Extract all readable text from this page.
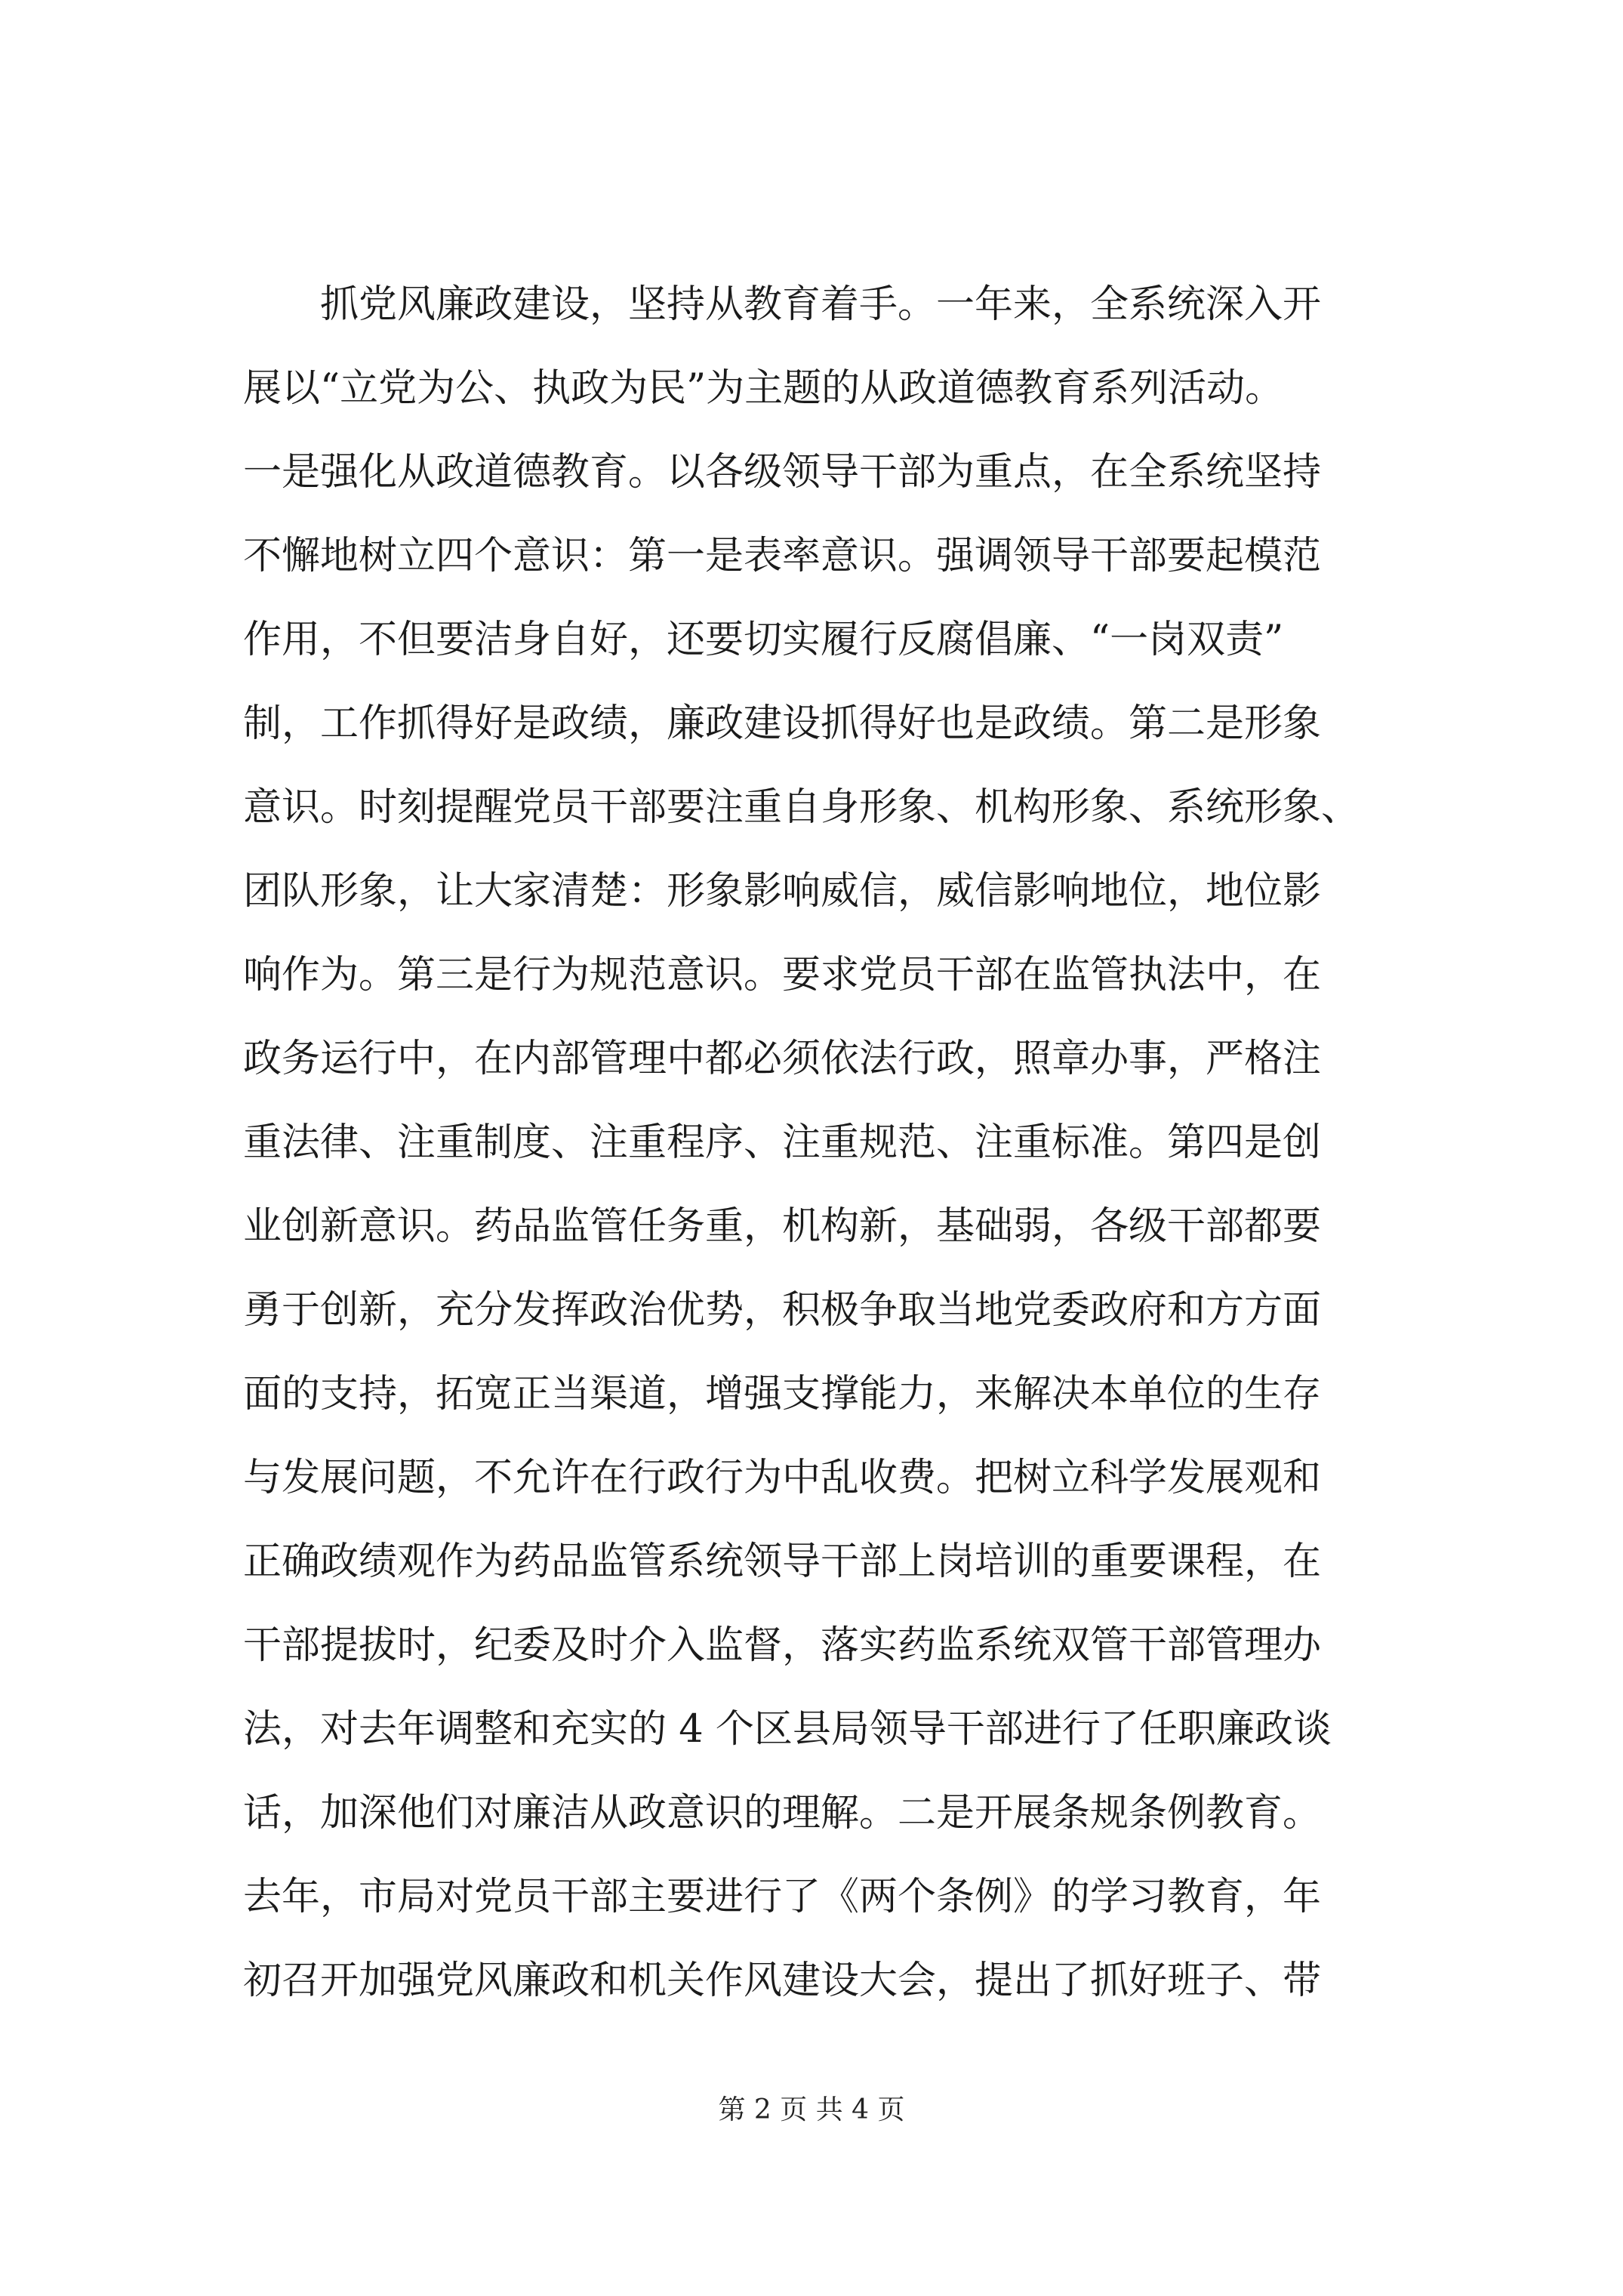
抓党风廉政建设，坚持从教育着手。一年来，全系统深入开
展以“立党为公、执政为民”为主题的从政道德教育系列活动。
一是强化从政道德教育。以各级领导干部为重点，在全系统坚持
不懈地树立四个意识：第一是表率意识。强调领导干部要起模范
作用，不但要洁身自好，还要切实履行反腐倡廉、“一岗双责”
制，工作抓得好是政绩，廉政建设抓得好也是政绩。第二是形象
意识。时刻提醒党员干部要注重自身形象、机构形象、系统形象、
团队形象，让大家清楚：形象影响威信，威信影响地位，地位影
响作为。第三是行为规范意识。要求党员干部在监管执法中，在
政务运行中，在内部管理中都必须依法行政，照章办事，严格注
重法律、注重制度、注重程序、注重规范、注重标准。第四是创
业创新意识。药品监管任务重，机构新，基础弱，各级干部都要
勇于创新，充分发挥政治优势，积极争取当地党委政府和方方面
面的支持，拓宽正当渠道，增强支撑能力，来解决本单位的生存
与发展问题，不允许在行政行为中乱收费。把树立科学发展观和
正确政绩观作为药品监管系统领导干部上岗培训的重要课程，在
干部提拔时，纪委及时介入监督，落实药监系统双管干部管理办
法，对去年调整和充实的 4 个区县局领导干部进行了任职廉政谈
话，加深他们对廉洁从政意识的理解。二是开展条规条例教育。
去年，市局对党员干部主要进行了《两个条例》的学习教育，年
初召开加强党风廉政和机关作风建设大会，提出了抓好班子、带
第 2 页 共 4 页
